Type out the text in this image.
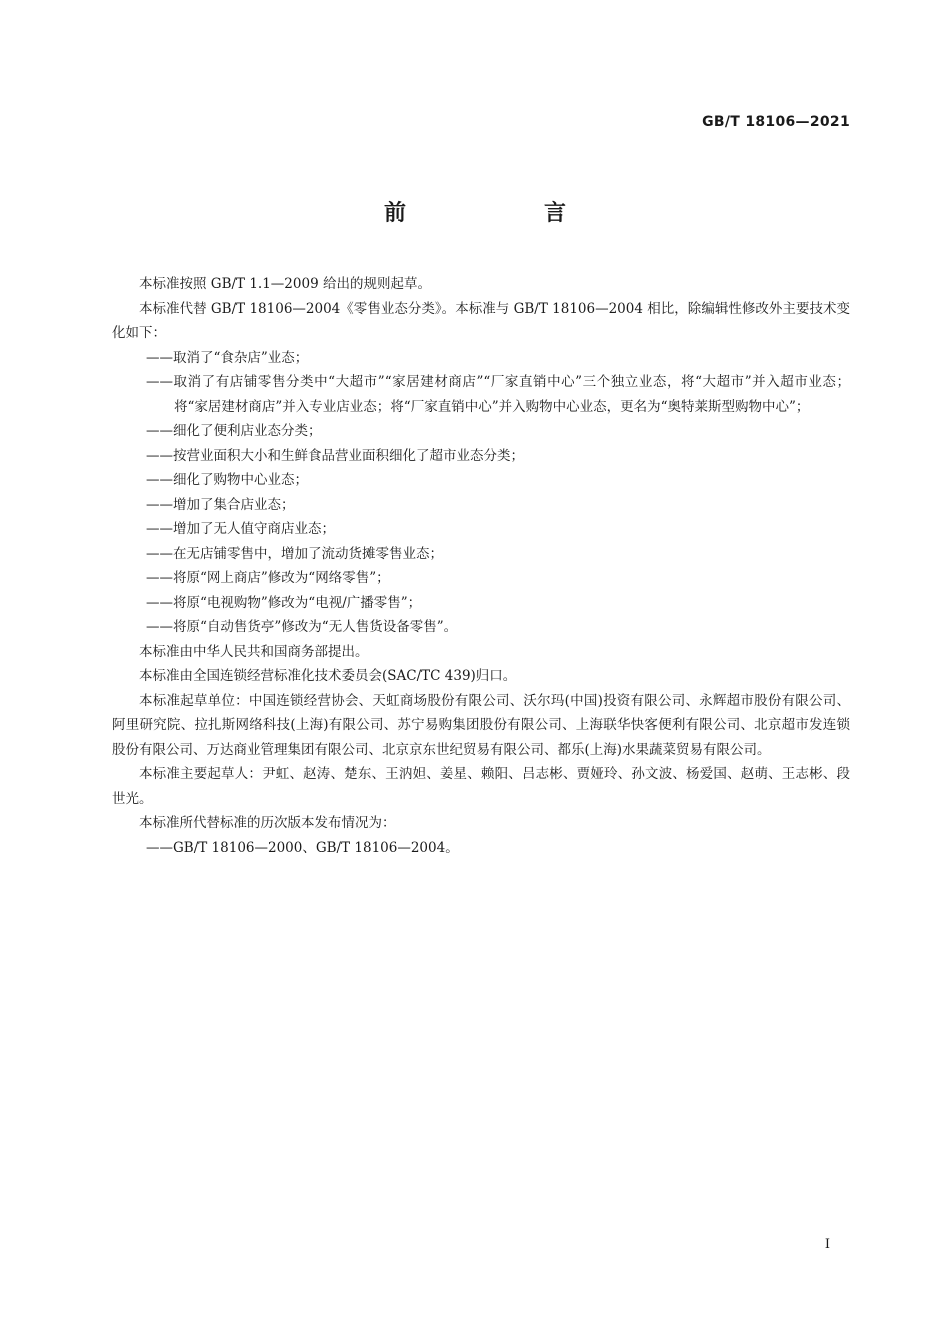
GB/T 18106—2021
前　言

本标准按照 GB/T 1.1—2009 给出的规则起草。

本标准代替 GB/T 18106—2004《零售业态分类》。本标准与 GB/T 18106—2004 相比，除编辑性修改外主要技术变化如下：

——取消了“食杂店”业态；

——取消了有店铺零售分类中“大超市”“家居建材商店”“厂家直销中心”三个独立业态，将“大超市”并入超市业态；将“家居建材商店”并入专业店业态；将“厂家直销中心”并入购物中心业态，更名为“奥特莱斯型购物中心”；

——细化了便利店业态分类；

——按营业面积大小和生鲜食品营业面积细化了超市业态分类；

——细化了购物中心业态；

——增加了集合店业态；

——增加了无人值守商店业态；

——在无店铺零售中，增加了流动货摊零售业态；

——将原“网上商店”修改为“网络零售”；

——将原“电视购物”修改为“电视/广播零售”；

——将原“自动售货亭”修改为“无人售货设备零售”。

本标准由中华人民共和国商务部提出。

本标准由全国连锁经营标准化技术委员会(SAC/TC 439)归口。

本标准起草单位：中国连锁经营协会、天虹商场股份有限公司、沃尔玛(中国)投资有限公司、永辉超市股份有限公司、阿里研究院、拉扎斯网络科技(上海)有限公司、苏宁易购集团股份有限公司、上海联华快客便利有限公司、北京超市发连锁股份有限公司、万达商业管理集团有限公司、北京京东世纪贸易有限公司、都乐(上海)水果蔬菜贸易有限公司。

本标准主要起草人：尹虹、赵涛、楚东、王汭妲、姜星、赖阳、吕志彬、贾娅玲、孙文波、杨爱国、赵萌、王志彬、段世光。

本标准所代替标准的历次版本发布情况为：

——GB/T 18106—2000、GB/T 18106—2004。

I
